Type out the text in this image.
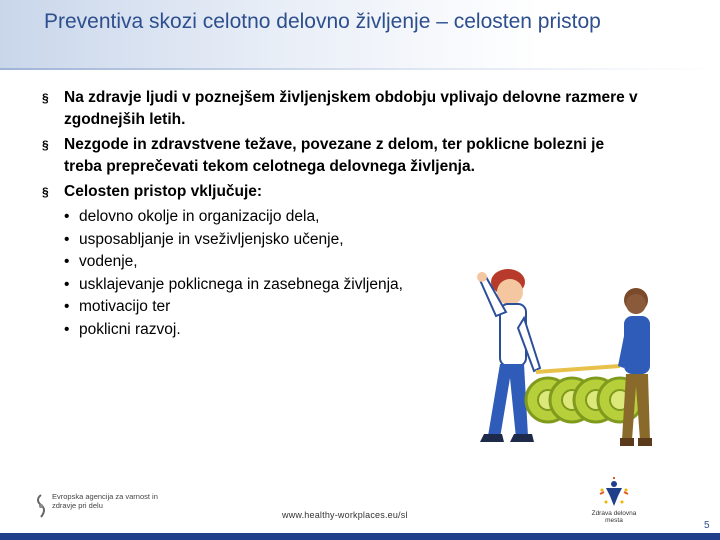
Preventiva skozi celotno delovno življenje – celosten pristop
§ Na zdravje ljudi v poznejšem življenjskem obdobju vplivajo delovne razmere v zgodnejših letih.
§ Nezgode in zdravstvene težave, povezane z delom, ter poklicne bolezni je treba preprečevati tekom celotnega delovnega življenja.
§ Celosten pristop vključuje:
• delovno okolje in organizacijo dela,
• usposabljanje in vseživljenjsko učenje,
• vodenje,
• usklajevanje poklicnega in zasebnega življenja,
• motivacijo ter
• poklicni razvoj.
Evropska agencija za varnost in zdravje pri delu
www.healthy-workplaces.eu/sl	Zdrava delovna mesta	5
